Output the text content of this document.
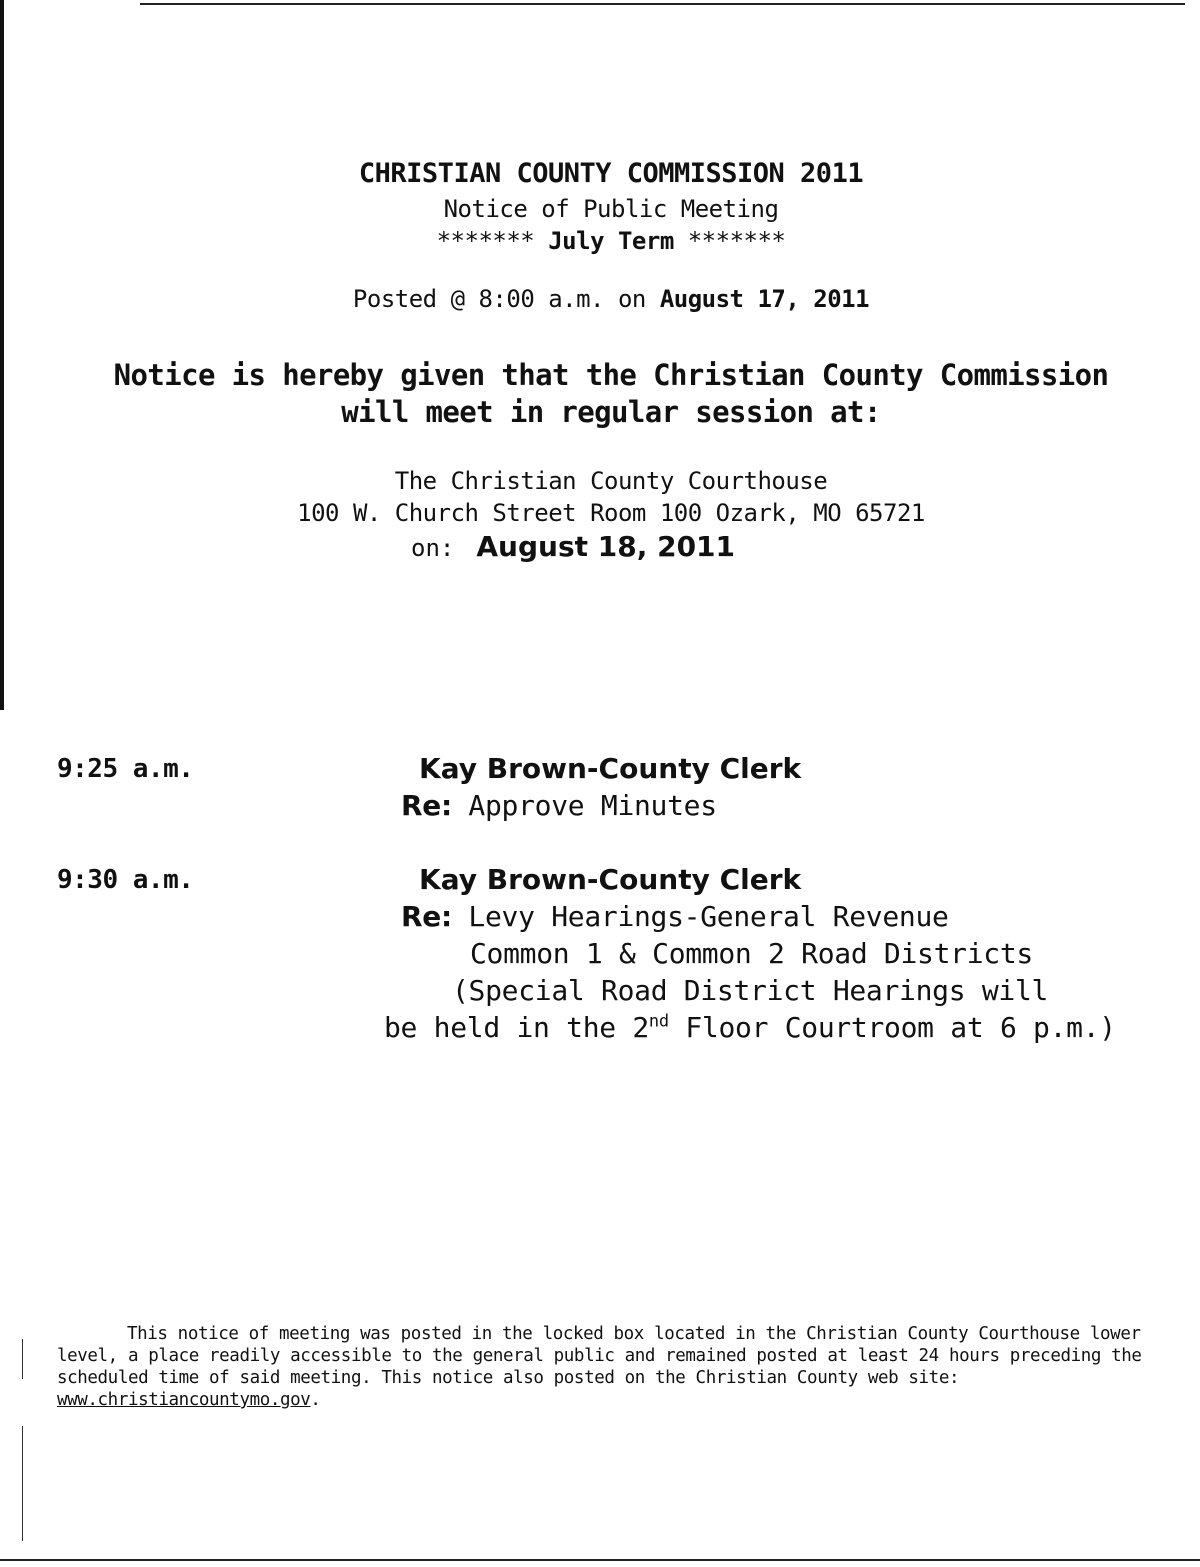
CHRISTIAN COUNTY COMMISSION 2011
Notice of Public Meeting
******* July Term *******
Posted @ 8:00 a.m. on August 17, 2011
Notice is hereby given that the Christian County Commission
will meet in regular session at:
The Christian County Courthouse
100 W. Church Street Room 100 Ozark, MO 65721
on: August 18, 2011
9:25 a.m.	Kay Brown-County Clerk
Re: Approve Minutes
9:30 a.m.	Kay Brown-County Clerk
Re: Levy Hearings-General Revenue
Common 1 & Common 2 Road Districts
(Special Road District Hearings will
be held in the 2nd Floor Courtroom at 6 p.m.)
This notice of meeting was posted in the locked box located in the Christian County Courthouse lower level, a place readily accessible to the general public and remained posted at least 24 hours preceding the scheduled time of said meeting. This notice also posted on the Christian County web site: www.christiancountymo.gov.
